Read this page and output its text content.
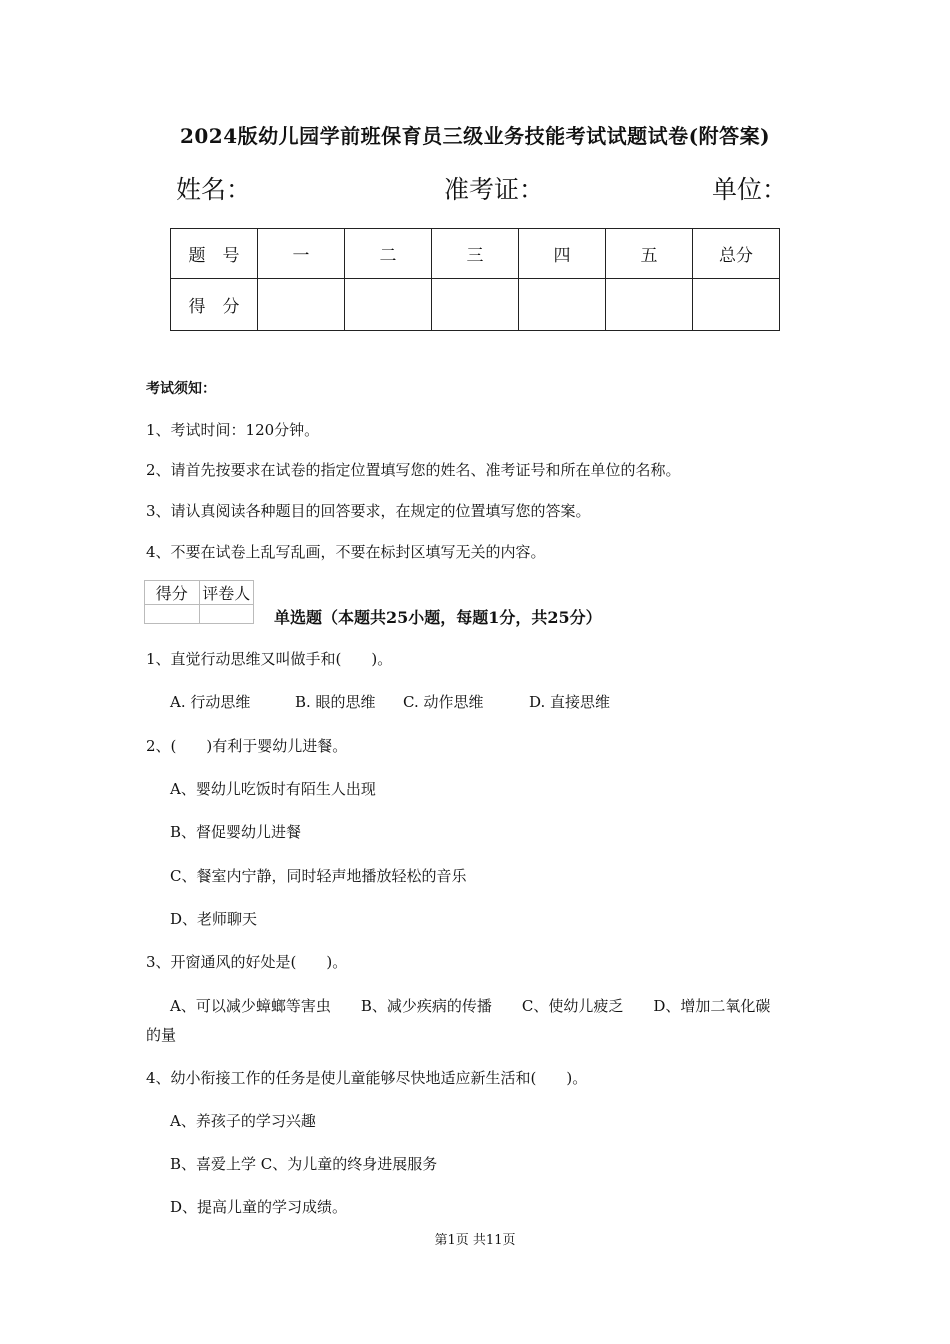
2024版幼儿园学前班保育员三级业务技能考试试题试卷(附答案)
姓名：	准考证：	单位：
题　号	一	二	三	四	五	总分
得　分						
考试须知：
1、考试时间：120分钟。
2、请首先按要求在试卷的指定位置填写您的姓名、准考证号和所在单位的名称。
3、请认真阅读各种题目的回答要求，在规定的位置填写您的答案。
4、不要在试卷上乱写乱画，不要在标封区填写无关的内容。
得分	评卷人

单选题（本题共25小题，每题1分，共25分）
1、直觉行动思维又叫做手和(　　)。
A. 行动思维	B. 眼的思维 C. 动作思维	D. 直接思维
2、(　　)有利于婴幼儿进餐。
A、婴幼儿吃饭时有陌生人出现
B、督促婴幼儿进餐
C、餐室内宁静，同时轻声地播放轻松的音乐
D、老师聊天
3、开窗通风的好处是(　　)。
A、可以减少蟑螂等害虫　　B、减少疾病的传播　　C、使幼儿疲乏　　D、增加二氧化碳
的量
4、幼小衔接工作的任务是使儿童能够尽快地适应新生活和(　　)。
A、养孩子的学习兴趣
B、喜爱上学 C、为儿童的终身进展服务
D、提高儿童的学习成绩。
第1页 共11页
